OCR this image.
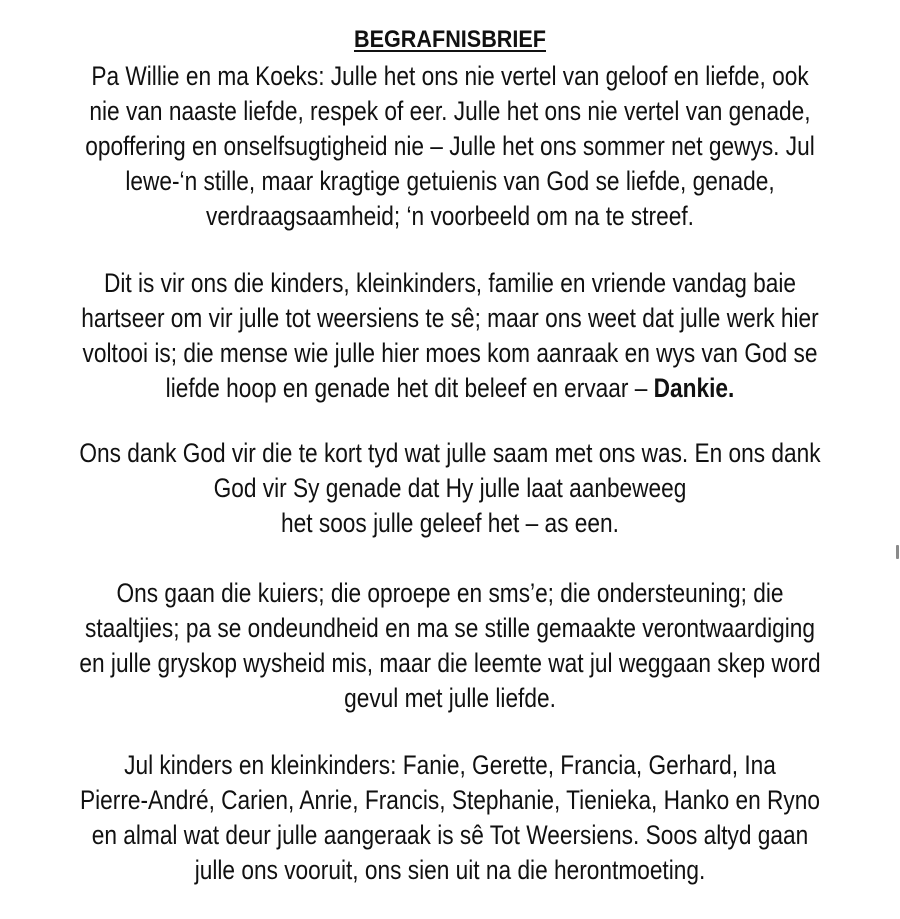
BEGRAFNISBRIEF
Pa Willie en ma Koeks: Julle het ons nie vertel van geloof en liefde, ook
nie van naaste liefde, respek of eer. Julle het ons nie vertel van genade,
opoffering en onselfsugtigheid nie – Julle het ons sommer net gewys. Jul
lewe-‘n stille, maar kragtige getuienis van God se liefde, genade,
verdraagsaamheid; ‘n voorbeeld om na te streef.
Dit is vir ons die kinders, kleinkinders, familie en vriende vandag baie
hartseer om vir julle tot weersiens te sê; maar ons weet dat julle werk hier
voltooi is; die mense wie julle hier moes kom aanraak en wys van God se
liefde hoop en genade het dit beleef en ervaar – Dankie.
Ons dank God vir die te kort tyd wat julle saam met ons was. En ons dank
God vir Sy genade dat Hy julle laat aanbeweeg
het soos julle geleef het – as een.
Ons gaan die kuiers; die oproepe en sms’e; die ondersteuning; die
staaltjies; pa se ondeundheid en ma se stille gemaakte verontwaardiging
en julle gryskop wysheid mis, maar die leemte wat jul weggaan skep word
gevul met julle liefde.
Jul kinders en kleinkinders: Fanie, Gerette, Francia, Gerhard, Ina
Pierre-André, Carien, Anrie, Francis, Stephanie, Tienieka, Hanko en Ryno
en almal wat deur julle aangeraak is sê Tot Weersiens. Soos altyd gaan
julle ons vooruit, ons sien uit na die herontmoeting.
